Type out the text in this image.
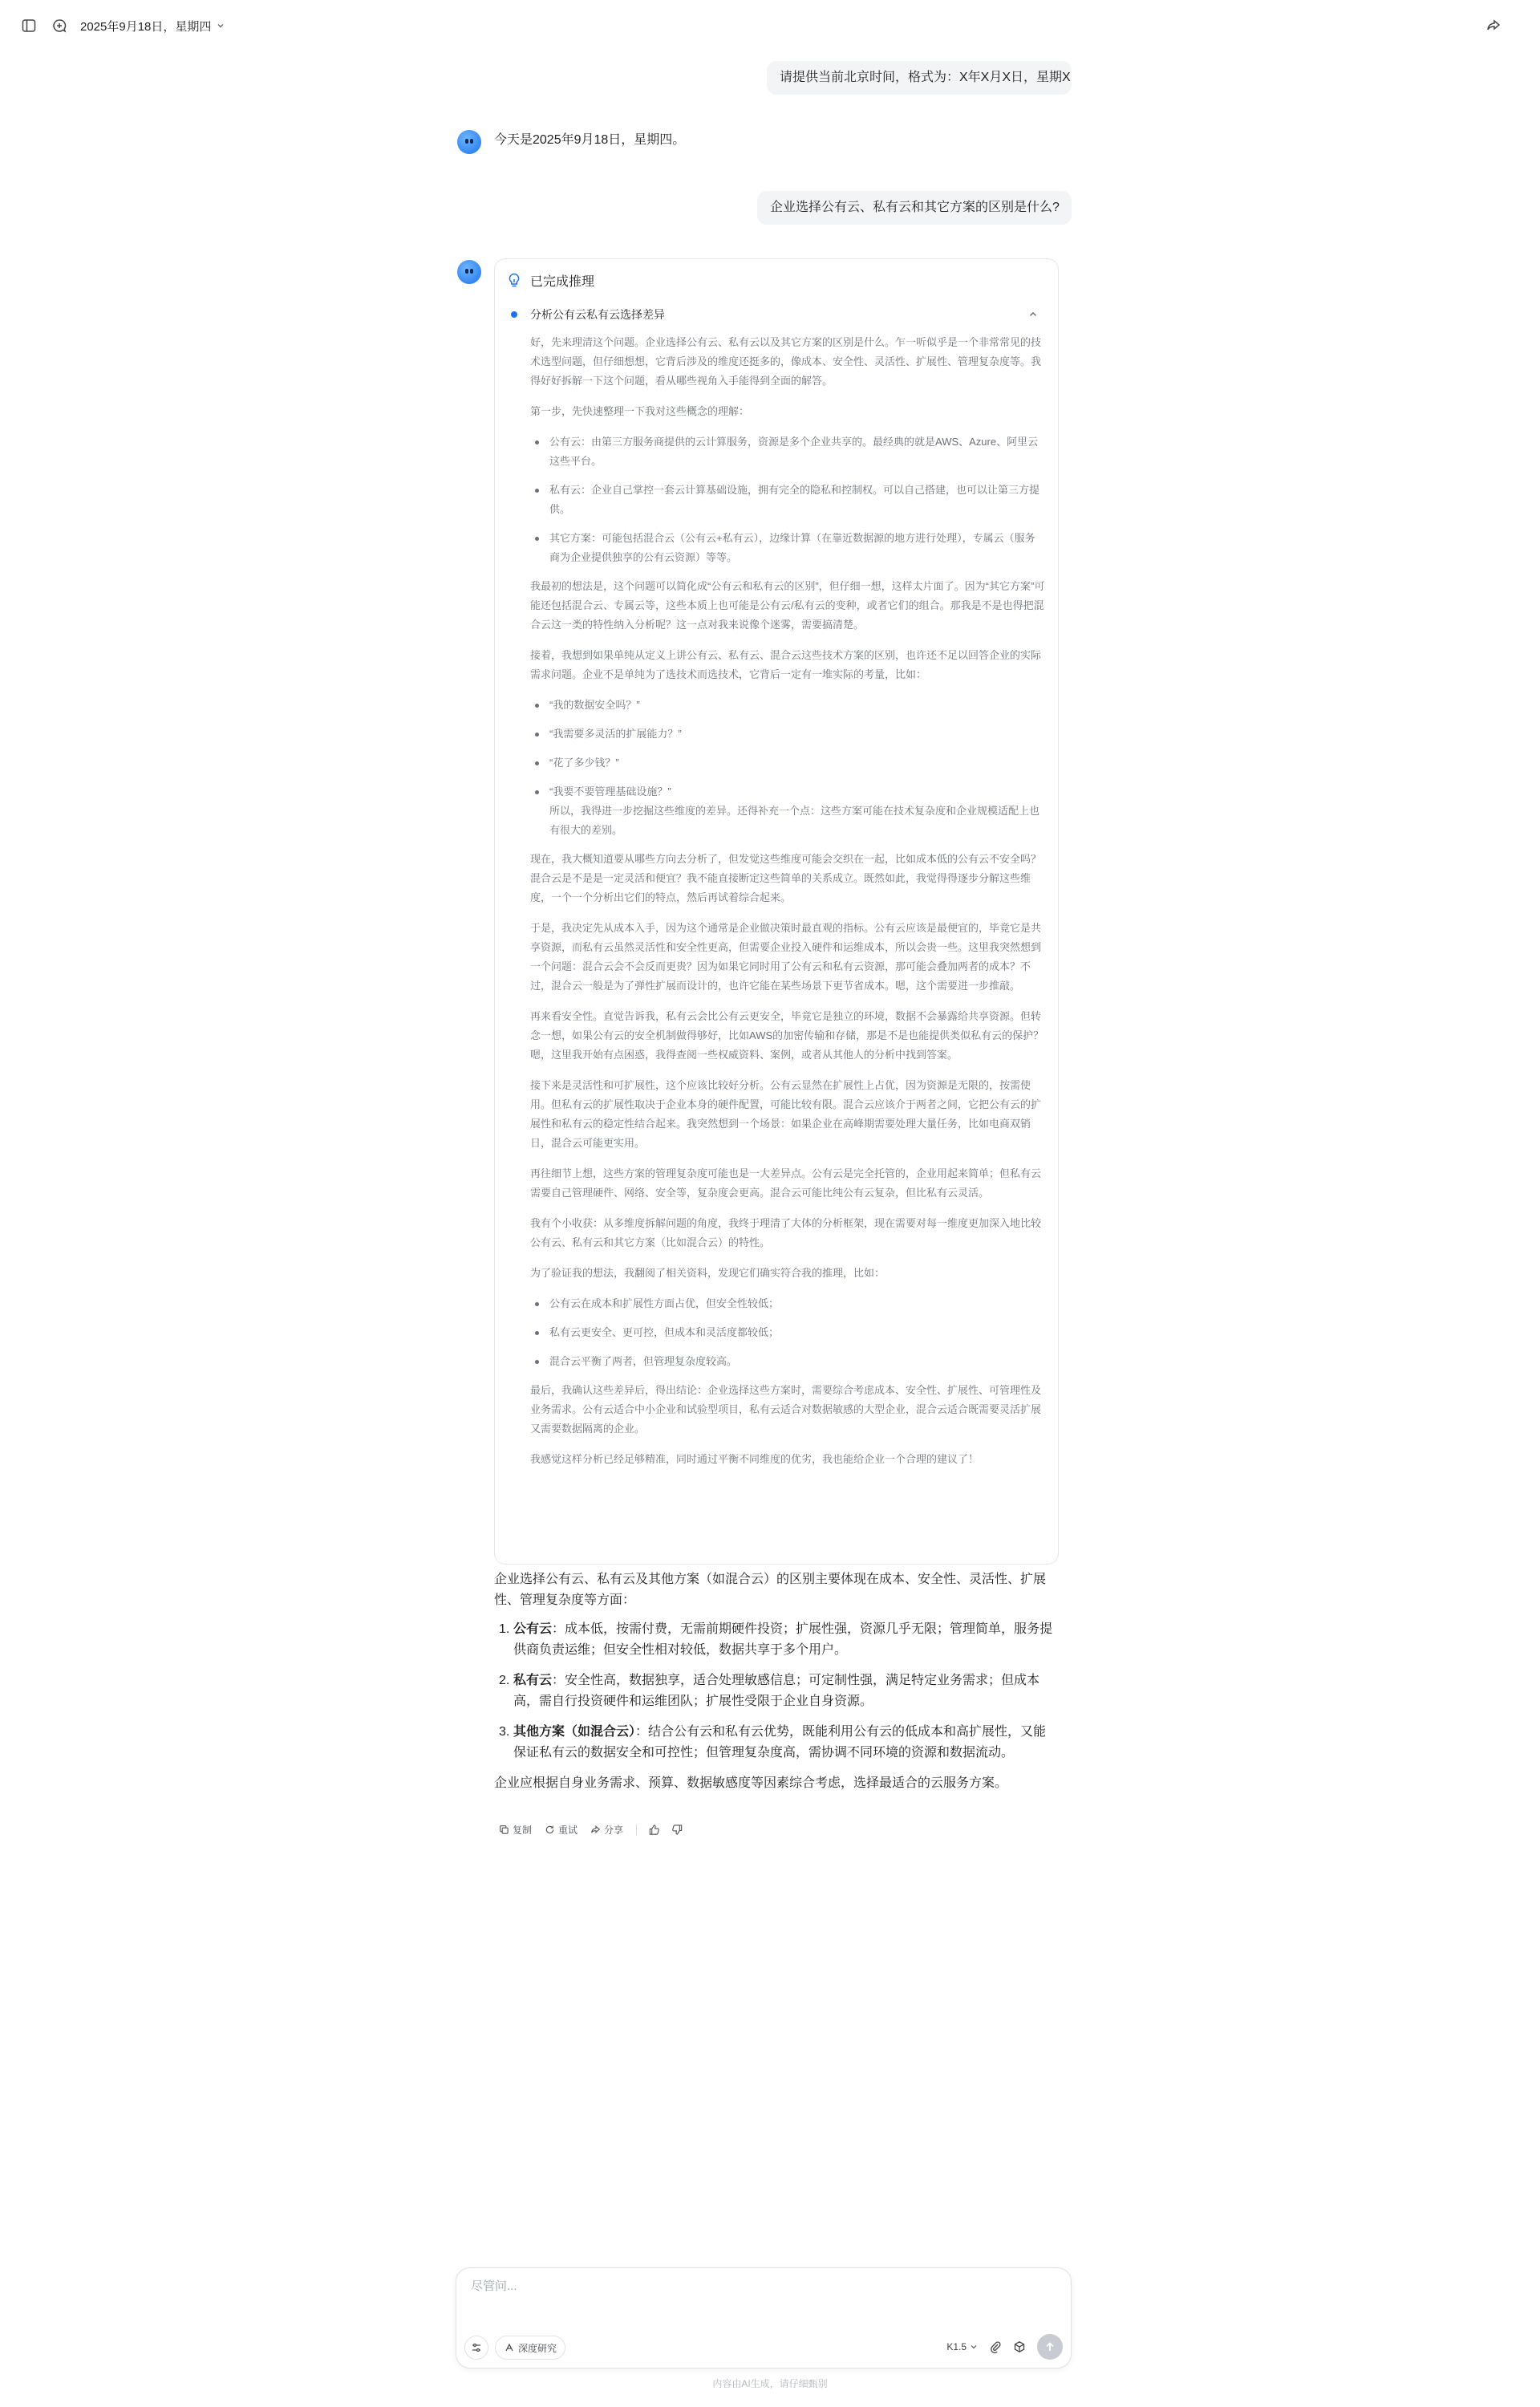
2025年9月18日，星期四
请提供当前北京时间，格式为：X年X月X日，星期X
今天是2025年9月18日，星期四。
企业选择公有云、私有云和其它方案的区别是什么?
已完成推理
分析公有云私有云选择差异

好，先来理清这个问题。企业选择公有云、私有云以及其它方案的区别是什么。乍一听似乎是一个非常常见的技术选型问题，但仔细想想，它背后涉及的维度还挺多的，像成本、安全性、灵活性、扩展性、管理复杂度等。我得好好拆解一下这个问题，看从哪些视角入手能得到全面的解答。

第一步，先快速整理一下我对这些概念的理解：

公有云：由第三方服务商提供的云计算服务，资源是多个企业共享的。最经典的就是AWS、Azure、阿里云这些平台。
私有云：企业自己掌控一套云计算基础设施，拥有完全的隐私和控制权。可以自己搭建，也可以让第三方提供。
其它方案：可能包括混合云（公有云+私有云），边缘计算（在靠近数据源的地方进行处理），专属云（服务商为企业提供独享的公有云资源）等等。

我最初的想法是，这个问题可以简化成“公有云和私有云的区别”，但仔细一想，这样太片面了。因为“其它方案”可能还包括混合云、专属云等，这些本质上也可能是公有云/私有云的变种，或者它们的组合。那我是不是也得把混合云这一类的特性纳入分析呢？这一点对我来说像个迷雾，需要搞清楚。

接着，我想到如果单纯从定义上讲公有云、私有云、混合云这些技术方案的区别，也许还不足以回答企业的实际需求问题。企业不是单纯为了选技术而选技术，它背后一定有一堆实际的考量，比如：

“我的数据安全吗？”
“我需要多灵活的扩展能力？”
“花了多少钱？”
“我要不要管理基础设施？”
所以，我得进一步挖掘这些维度的差异。还得补充一个点：这些方案可能在技术复杂度和企业规模适配上也有很大的差别。

现在，我大概知道要从哪些方向去分析了，但发觉这些维度可能会交织在一起，比如成本低的公有云不安全吗？混合云是不是是一定灵活和便宜？我不能直接断定这些简单的关系成立。既然如此，我觉得得逐步分解这些维度，一个一个分析出它们的特点，然后再试着综合起来。

于是，我决定先从成本入手，因为这个通常是企业做决策时最直观的指标。公有云应该是最便宜的，毕竟它是共享资源，而私有云虽然灵活性和安全性更高，但需要企业投入硬件和运维成本，所以会贵一些。这里我突然想到一个问题：混合云会不会反而更贵？因为如果它同时用了公有云和私有云资源，那可能会叠加两者的成本？不过，混合云一般是为了弹性扩展而设计的，也许它能在某些场景下更节省成本。嗯，这个需要进一步推敲。

再来看安全性。直觉告诉我，私有云会比公有云更安全，毕竟它是独立的环境，数据不会暴露给共享资源。但转念一想，如果公有云的安全机制做得够好，比如AWS的加密传输和存储，那是不是也能提供类似私有云的保护？嗯，这里我开始有点困惑，我得查阅一些权威资料、案例，或者从其他人的分析中找到答案。

接下来是灵活性和可扩展性，这个应该比较好分析。公有云显然在扩展性上占优，因为资源是无限的，按需使用。但私有云的扩展性取决于企业本身的硬件配置，可能比较有限。混合云应该介于两者之间，它把公有云的扩展性和私有云的稳定性结合起来。我突然想到一个场景：如果企业在高峰期需要处理大量任务，比如电商双销日，混合云可能更实用。

再往细节上想，这些方案的管理复杂度可能也是一大差异点。公有云是完全托管的，企业用起来简单；但私有云需要自己管理硬件、网络、安全等，复杂度会更高。混合云可能比纯公有云复杂，但比私有云灵活。

我有个小收获：从多维度拆解问题的角度，我终于理清了大体的分析框架，现在需要对每一维度更加深入地比较公有云、私有云和其它方案（比如混合云）的特性。

为了验证我的想法，我翻阅了相关资料，发现它们确实符合我的推理，比如：

公有云在成本和扩展性方面占优，但安全性较低；
私有云更安全、更可控，但成本和灵活度都较低；
混合云平衡了两者，但管理复杂度较高。

最后，我确认这些差异后，得出结论：企业选择这些方案时，需要综合考虑成本、安全性、扩展性、可管理性及业务需求。公有云适合中小企业和试验型项目，私有云适合对数据敏感的大型企业，混合云适合既需要灵活扩展又需要数据隔离的企业。

我感觉这样分析已经足够精准，同时通过平衡不同维度的优劣，我也能给企业一个合理的建议了！

企业选择公有云、私有云及其他方案（如混合云）的区别主要体现在成本、安全性、灵活性、扩展性、管理复杂度等方面：

1. 公有云：成本低，按需付费，无需前期硬件投资；扩展性强，资源几乎无限；管理简单，服务提供商负责运维；但安全性相对较低，数据共享于多个用户。
2. 私有云：安全性高，数据独享，适合处理敏感信息；可定制性强，满足特定业务需求；但成本高，需自行投资硬件和运维团队；扩展性受限于企业自身资源。
3. 其他方案（如混合云）：结合公有云和私有云优势，既能利用公有云的低成本和高扩展性，又能保证私有云的数据安全和可控性；但管理复杂度高，需协调不同环境的资源和数据流动。

企业应根据自身业务需求、预算、数据敏感度等因素综合考虑，选择最适合的云服务方案。

复制	重试	分享
尽管问...
深度研究	K1.5
内容由AI生成，请仔细甄别
